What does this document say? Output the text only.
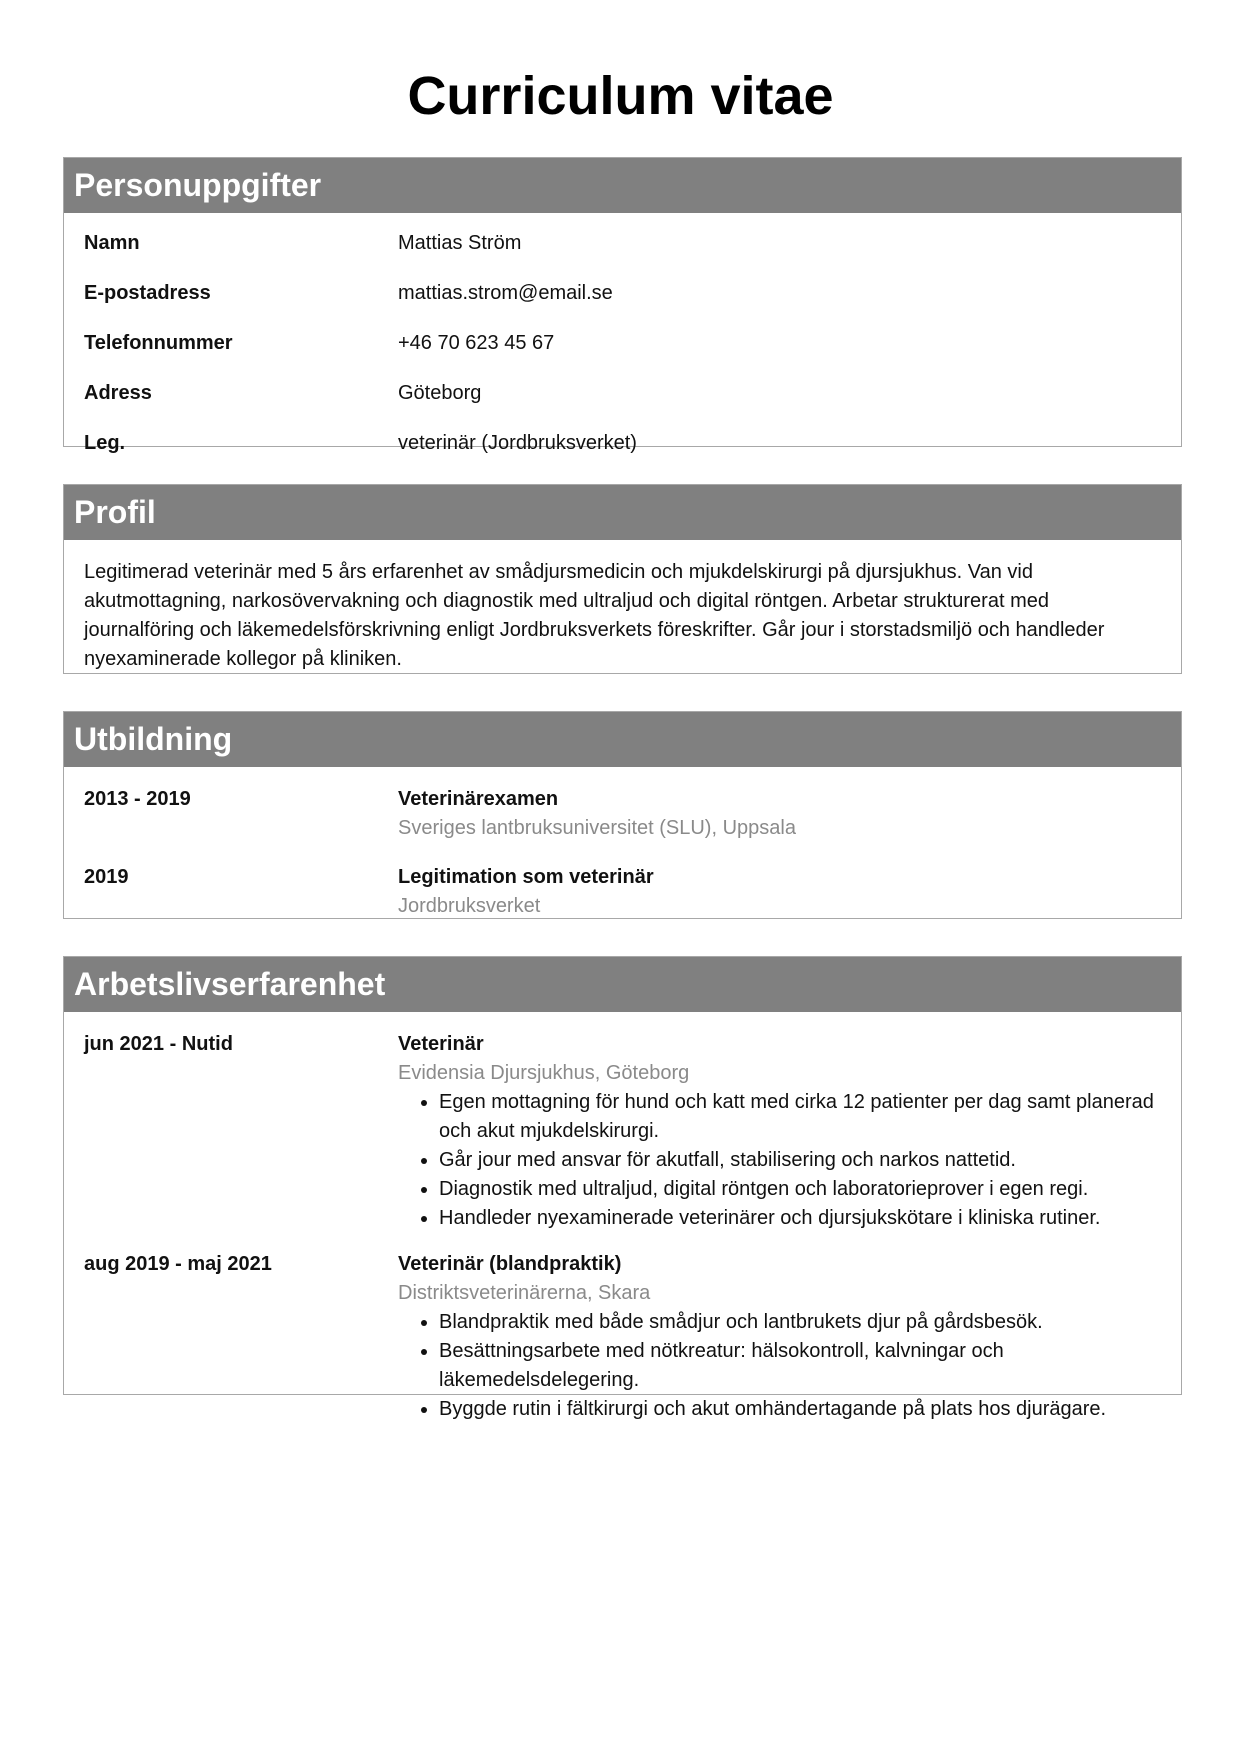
Curriculum vitae
Personuppgifter
Namn	Mattias Ström
E-postadress	mattias.strom@email.se
Telefonnummer	+46 70 623 45 67
Adress	Göteborg
Leg.	veterinär (Jordbruksverket)
Profil
Legitimerad veterinär med 5 års erfarenhet av smådjursmedicin och mjukdelskirurgi på djursjukhus. Van vid akutmottagning, narkosövervakning och diagnostik med ultraljud och digital röntgen. Arbetar strukturerat med journalföring och läkemedelsförskrivning enligt Jordbruksverkets föreskrifter. Går jour i storstadsmiljö och handleder nyexaminerade kollegor på kliniken.
Utbildning
2013 - 2019	Veterinärexamen
Sveriges lantbruksuniversitet (SLU), Uppsala
2019	Legitimation som veterinär
Jordbruksverket
Arbetslivserfarenhet
jun 2021 - Nutid	Veterinär
Evidensia Djursjukhus, Göteborg
• Egen mottagning för hund och katt med cirka 12 patienter per dag samt planerad och akut mjukdelskirurgi.
• Går jour med ansvar för akutfall, stabilisering och narkos nattetid.
• Diagnostik med ultraljud, digital röntgen och laboratorieprover i egen regi.
• Handleder nyexaminerade veterinärer och djursjukskötare i kliniska rutiner.
aug 2019 - maj 2021	Veterinär (blandpraktik)
Distriktsveterinärerna, Skara
• Blandpraktik med både smådjur och lantbrukets djur på gårdsbesök.
• Besättningsarbete med nötkreatur: hälsokontroll, kalvningar och läkemedelsdelegering.
• Byggde rutin i fältkirurgi och akut omhändertagande på plats hos djurägare.
